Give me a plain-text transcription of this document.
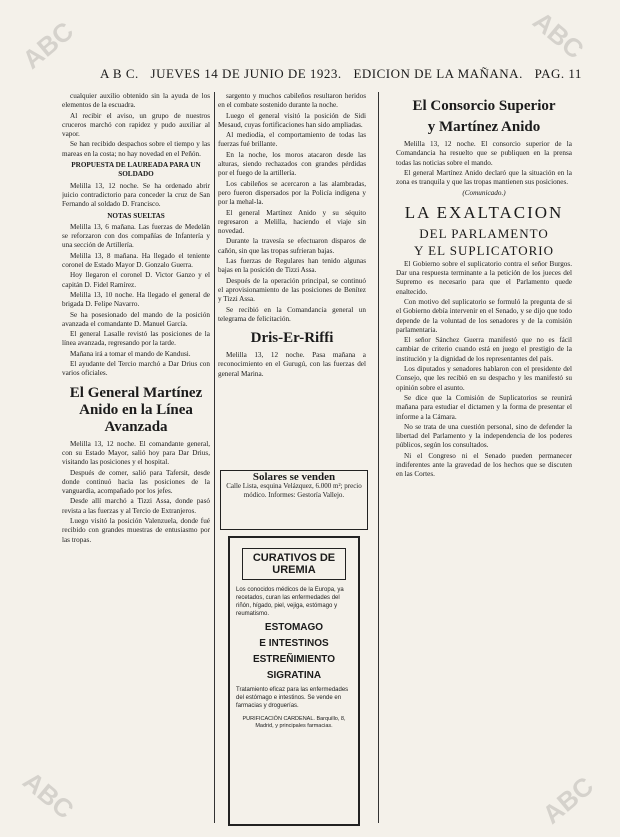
A B C. JUEVES 14 DE JUNIO DE 1923. EDICION DE LA MAÑANA. PAG. 11

cualquier auxilio obtenido sin la ayuda de los elementos de la escuadra.

Al recibir el aviso, un grupo de nuestros cruceros marchó con rapidez y pudo auxiliar al vapor.

Se han recibido despachos sobre el tiempo y las mareas en la costa; no hay novedad en el Peñón.

PROPUESTA DE LAUREADA PARA UN SOLDADO

Melilla 13, 12 noche. Se ha ordenado abrir juicio contradictorio para conceder la cruz de San Fernando al soldado D. Francisco.

NOTAS SUELTAS

Melilla 13, 6 mañana. Las fuerzas de Medelán se reforzaron con dos compañías de Infantería y una sección de Artillería.

Melilla 13, 8 mañana. Ha llegado el teniente coronel de Estado Mayor D. Gonzalo Guerra.

Hoy llegaron el coronel D. Victor Ganzo y el capitán D. Fidel Ramírez.

Melilla 13, 10 noche. Ha llegado el general de brigada D. Felipe Navarro.

Se ha posesionado del mando de la posición avanzada el comandante D. Manuel García.

El general Lasalle revistó las posiciones de la línea avanzada, regresando por la tarde.

Mañana irá a tomar el mando de Kandusi.

El ayudante del Tercio marchó a Dar Drius con varios oficiales.

El General Martínez Anido en la Línea Avanzada

Melilla 13, 12 noche. El comandante general, con su Estado Mayor, salió hoy para Dar Drius, visitando las posiciones y el hospital.

Después de comer, salió para Tafersit, desde donde continuó hacia las posiciones de la vanguardia, acompañado por los jefes.

Desde allí marchó a Tizzi Assa, donde pasó revista a las fuerzas y al Tercio de Extranjeros.

Luego visitó la posición Valenzuela, donde fué recibido con grandes muestras de entusiasmo por las tropas.

sargento y muchos cabileños resultaron heridos en el combate sostenido durante la noche.

Luego el general visitó la posición de Sidi Mesaud, cuyas fortificaciones han sido ampliadas.

Al mediodía, el comportamiento de todas las fuerzas fué brillante.

En la noche, los moros atacaron desde las alturas, siendo rechazados con grandes pérdidas por el fuego de la artillería.

Los cabileños se acercaron a las alambradas, pero fueron dispersados por la Policía indígena y por la mehal-la.

El general Martínez Anido y su séquito regresaron a Melilla, haciendo el viaje sin novedad.

Durante la travesía se efectuaron disparos de cañón, sin que las tropas sufrieran bajas.

Las fuerzas de Regulares han tenido algunas bajas en la posición de Tizzi Assa.

Después de la operación principal, se continuó el aprovisionamiento de las posiciones de Benítez y Tizzi Assa.

Se recibió en la Comandancia general un telegrama de felicitación.

Dris-Er-Riffi

Melilla 13, 12 noche. Pasa mañana a reconocimiento en el Gurugú, con las fuerzas del general Marina.

Solares se venden
Calle Lista, esquina Velázquez, 6.000 m²; precio módico. Informes: Gestoría Vallejo.
CURATIVOS DE UREMIA
Los conocidos médicos de la Europa, ya recetados, curan las enfermedades del riñón, hígado, piel, vejiga, estómago y reumatismo.
ESTOMAGO
E INTESTINOS
ESTREÑIMIENTO
SIGRATINA
Tratamiento eficaz para las enfermedades del estómago e intestinos. Se vende en farmacias y droguerías.
PURIFICACIÓN CARDENAL. Barquillo, 8, Madrid, y principales farmacias.
El Consorcio Superior
y Martínez Anido

Melilla 13, 12 noche. El consorcio superior de la Comandancia ha resuelto que se publiquen en la prensa todas las noticias sobre el mando.

El general Martínez Anido declaró que la situación en la zona es tranquila y que las tropas mantienen sus posiciones.

(Comunicado.)
LA EXALTACION
DEL PARLAMENTO
Y EL SUPLICATORIO

El Gobierno sobre el suplicatorio contra el señor Burgos. Dar una respuesta terminante a la petición de los jueces del Supremo es necesario para que el Parlamento quede enaltecido.

Con motivo del suplicatorio se formuló la pregunta de si el Gobierno debía intervenir en el Senado, y se dijo que todo depende de la voluntad de los senadores y de la comisión parlamentaria.

El señor Sánchez Guerra manifestó que no es fácil cambiar de criterio cuando está en juego el prestigio de la institución y la dignidad de los representantes del país.

Los diputados y senadores hablaron con el presidente del Consejo, que les recibió en su despacho y les manifestó su opinión sobre el asunto.

Se dice que la Comisión de Suplicatorios se reunirá mañana para estudiar el dictamen y la forma de presentar el informe a la Cámara.

No se trata de una cuestión personal, sino de defender la libertad del Parlamento y la independencia de los poderes públicos, según los consultados.

Ni el Congreso ni el Senado pueden permanecer indiferentes ante la gravedad de los hechos que se discuten en las Cortes.

ABC	ABC
ABC	ABC
